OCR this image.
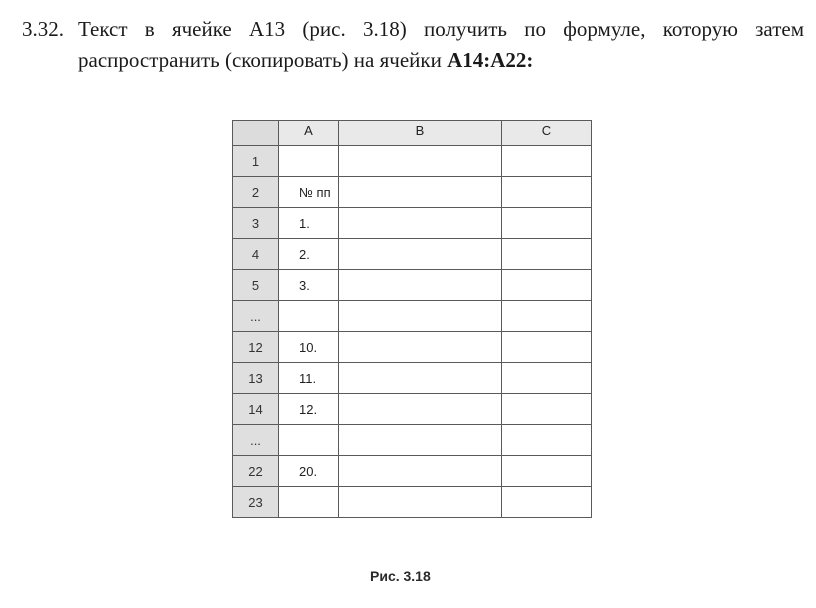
3.32. Текст в ячейке A13 (рис. 3.18) получить по формуле, которую затем
распространить (скопировать) на ячейки A14:A22:
	A	B	C
1			
2	№ пп		
3	1.		
4	2.		
5	3.		
...			
12	10.		
13	11.		
14	12.		
...			
22	20.		
23			
Рис. 3.18
